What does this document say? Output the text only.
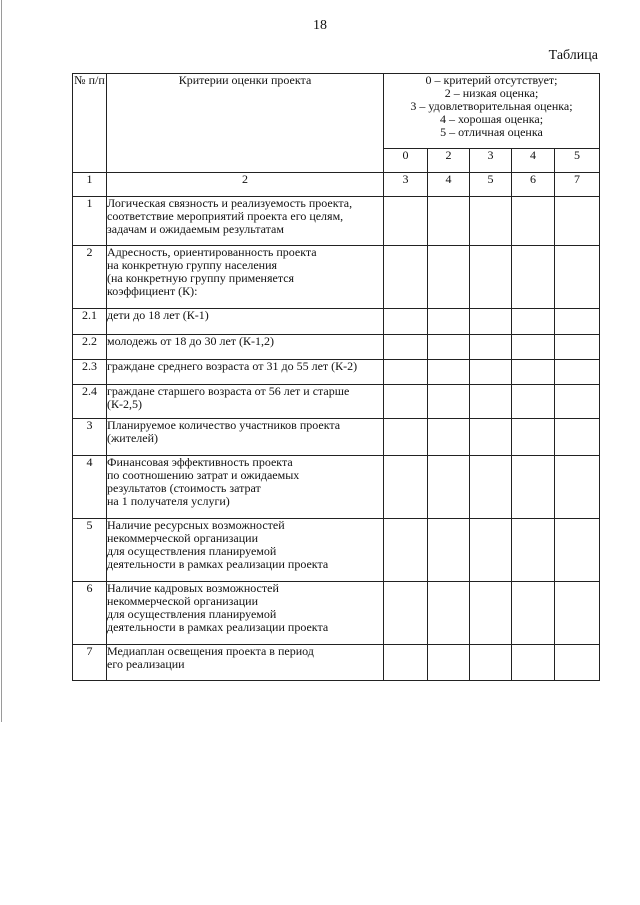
18
Таблица
№ п/п	Критерии оценки проекта	0 – критерий отсутствует;
2 – низкая оценка;
3 – удовлетворительная оценка;
4 – хорошая оценка;
5 – отличная оценка				

		0	2	3	4	5
1	2	3	4	5	6	7
1	Логическая связность и реализуемость проекта,
соответствие мероприятий проекта его целям,
задачам и ожидаемым результатам					

2	Адресность, ориентированность проекта
на конкретную группу населения
(на конкретную группу применяется
коэффициент (К):					

2.1	дети до 18 лет (К-1)					

2.2	молодежь от 18 до 30 лет (К-1,2)					

2.3	граждане среднего возраста от 31 до 55 лет (К-2)					

2.4	граждане старшего возраста от 56 лет и старше
(К-2,5)					

3	Планируемое количество участников проекта
(жителей)					

4	Финансовая эффективность проекта
по соотношению затрат и ожидаемых
результатов (стоимость затрат
на 1 получателя услуги)					

5	Наличие ресурсных возможностей
некоммерческой организации
для осуществления планируемой
деятельности в рамках реализации проекта					

6	Наличие кадровых возможностей
некоммерческой организации
для осуществления планируемой
деятельности в рамках реализации проекта					

7	Медиаплан освещения проекта в период
его реализации					
